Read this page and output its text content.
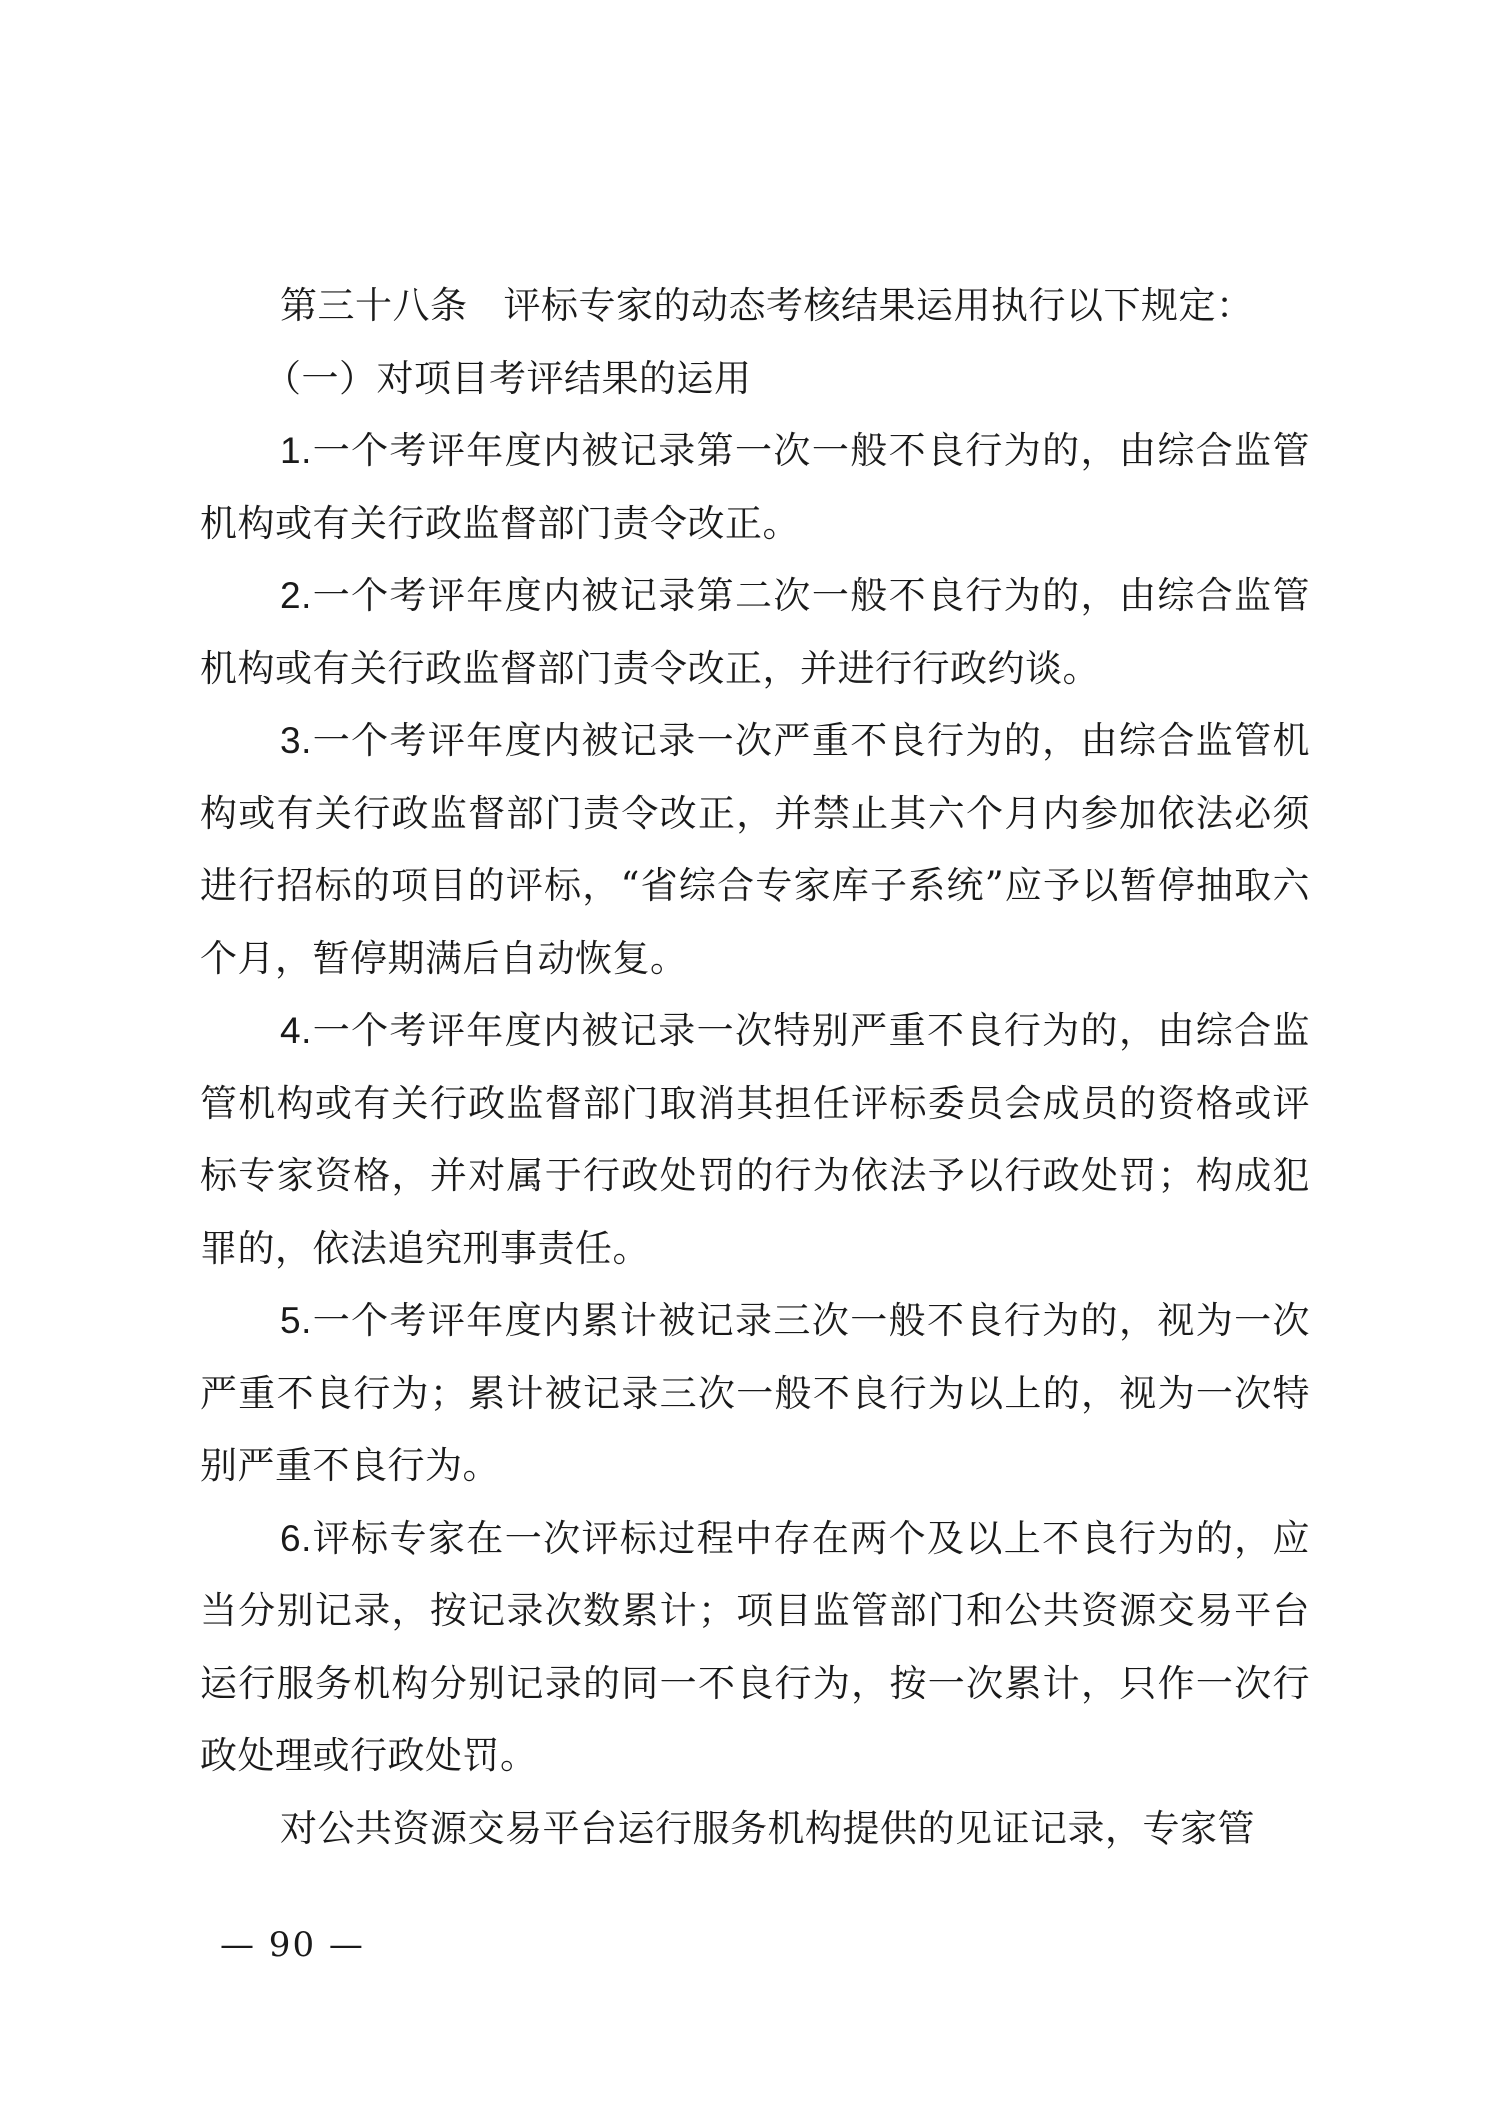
第三十八条 评标专家的动态考核结果运用执行以下规定：

（一）对项目考评结果的运用

1.一个考评年度内被记录第一次一般不良行为的，由综合监管机构或有关行政监督部门责令改正。

2.一个考评年度内被记录第二次一般不良行为的，由综合监管机构或有关行政监督部门责令改正，并进行行政约谈。

3.一个考评年度内被记录一次严重不良行为的，由综合监管机构或有关行政监督部门责令改正，并禁止其六个月内参加依法必须进行招标的项目的评标，“省综合专家库子系统”应予以暂停抽取六个月，暂停期满后自动恢复。

4.一个考评年度内被记录一次特别严重不良行为的，由综合监管机构或有关行政监督部门取消其担任评标委员会成员的资格或评标专家资格，并对属于行政处罚的行为依法予以行政处罚；构成犯罪的，依法追究刑事责任。

5.一个考评年度内累计被记录三次一般不良行为的，视为一次严重不良行为；累计被记录三次一般不良行为以上的，视为一次特别严重不良行为。

6.评标专家在一次评标过程中存在两个及以上不良行为的，应当分别记录，按记录次数累计；项目监管部门和公共资源交易平台运行服务机构分别记录的同一不良行为，按一次累计，只作一次行政处理或行政处罚。

对公共资源交易平台运行服务机构提供的见证记录，专家管

— 90 —
